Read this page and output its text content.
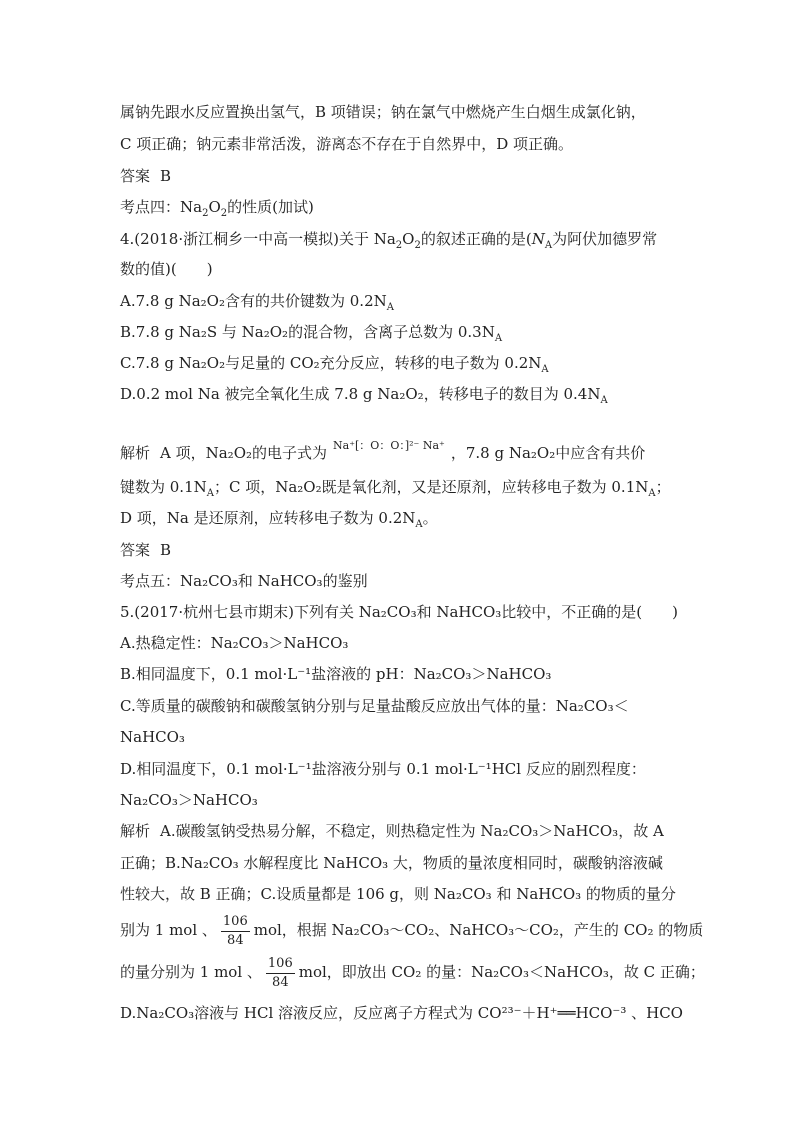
属钠先跟水反应置换出氢气，B 项错误；钠在氯气中燃烧产生白烟生成氯化钠，
C 项正确；钠元素非常活泼，游离态不存在于自然界中，D 项正确。
答案 B
考点四：$Na_2O_2$的性质(加试)
4.(2018·浙江桐乡一中高一模拟)关于 $Na_2O_2$的叙述正确的是($N_A$为阿伏加德罗常
数的值)(　　)
A.7.8 g Na₂O₂含有的共价键数为 $0.2N_A$
B.7.8 g Na₂S 与 Na₂O₂的混合物，含离子总数为 $0.3N_A$
C.7.8 g Na₂O₂与足量的 CO₂充分反应，转移的电子数为 $0.2N_A$
D.0.2 mol Na 被完全氧化生成 7.8 g Na₂O₂，转移电子的数目为 $0.4N_A$
解析 A 项，Na₂O₂的电子式为 Na⁺[：O：O：]²⁻ Na⁺ ，7.8 g Na₂O₂中应含有共价
键数为 $0.1N_A$；C 项，Na₂O₂既是氧化剂，又是还原剂，应转移电子数为 $0.1N_A$；
D 项，Na 是还原剂，应转移电子数为 $0.2N_A$。
答案 B
考点五：Na₂CO₃和 NaHCO₃的鉴别
5.(2017·杭州七县市期末)下列有关 Na₂CO₃和 NaHCO₃比较中，不正确的是(　　)
A.热稳定性：Na₂CO₃＞NaHCO₃
B.相同温度下，0.1 mol·L⁻¹盐溶液的 pH：Na₂CO₃＞NaHCO₃
C.等质量的碳酸钠和碳酸氢钠分别与足量盐酸反应放出气体的量：Na₂CO₃＜
NaHCO₃
D.相同温度下，0.1 mol·L⁻¹盐溶液分别与 0.1 mol·L⁻¹HCl 反应的剧烈程度：
Na₂CO₃＞NaHCO₃
解析 A.碳酸氢钠受热易分解，不稳定，则热稳定性为 Na₂CO₃＞NaHCO₃，故 A
正确；B.Na₂CO₃ 水解程度比 NaHCO₃ 大，物质的量浓度相同时，碳酸钠溶液碱
性较大，故 B 正确；C.设质量都是 106 g，则 Na₂CO₃ 和 NaHCO₃ 的物质的量分
别为 1 mol 、 $\frac{106}{84}$ mol，根据 Na₂CO₃～CO₂、NaHCO₃～CO₂，产生的 CO₂ 的物质
的量分别为 1 mol 、 $\frac{106}{84}$ mol，即放出 CO₂ 的量：Na₂CO₃＜NaHCO₃，故 C 正确；
D.Na₂CO₃溶液与 HCl 溶液反应，反应离子方程式为 CO²³⁻＋H⁺══HCO⁻³ 、HCO
